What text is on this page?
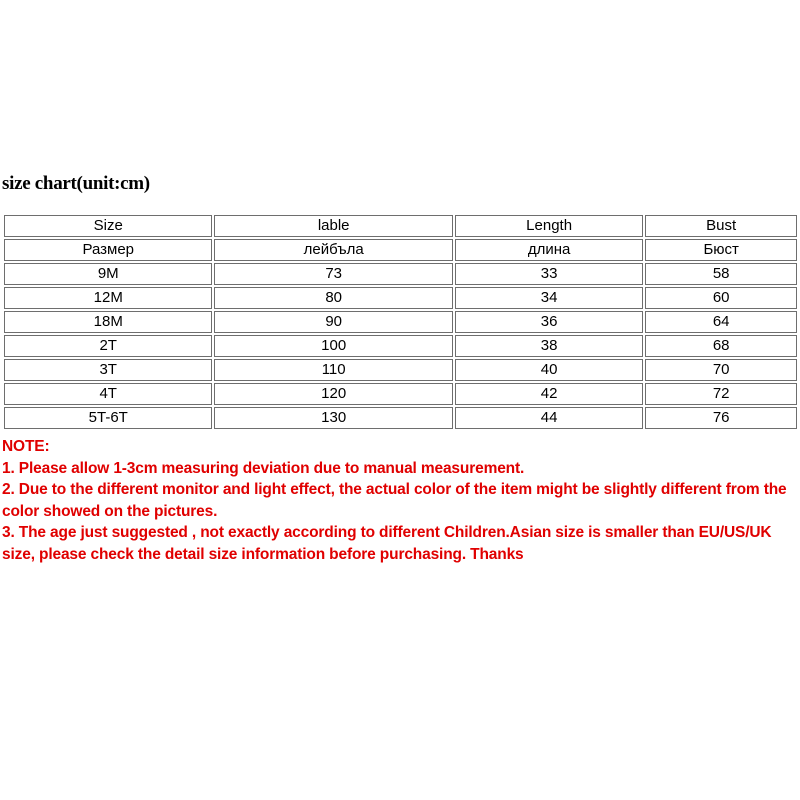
size chart(unit:cm)
Size	lable	Length	Bust
Размер	лейбъла	длина	Бюст
9M	73	33	58
12M	80	34	60
18M	90	36	64
2T	100	38	68
3T	110	40	70
4T	120	42	72
5T-6T	130	44	76
NOTE:
1. Please allow 1-3cm measuring deviation due to manual measurement.
2. Due to the different monitor and light effect, the actual color of the item might be slightly different from the color showed on the pictures.
3. The age just suggested , not exactly according to different Children.Asian size is smaller than EU/US/UK size, please check the detail size information before purchasing. Thanks
